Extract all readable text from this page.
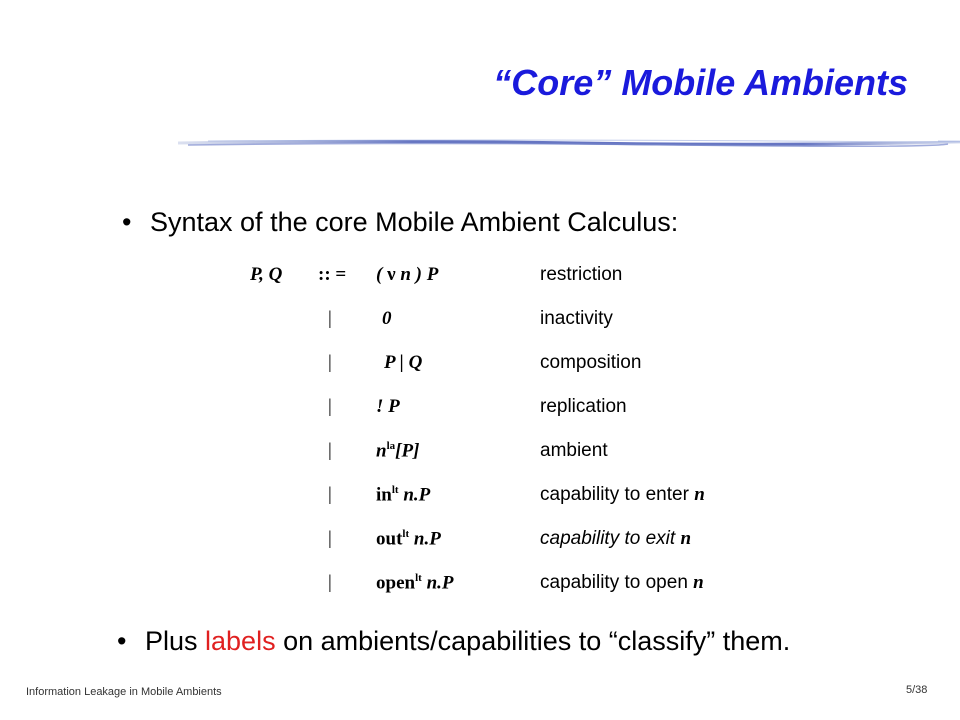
“Core” Mobile Ambients
• Syntax of the core Mobile Ambient Calculus:
P, Q :: = ( ν n ) P	restriction
|	0	inactivity
|	P | Q	composition
| ! P	replication
| $n^{la}[P]$	ambient
| $in^{lt}$ n.P	capability to enter n
| out$^{lt}$ n.P	capability to exit n
| open$^{lt}$ n.P	capability to open n
• Plus labels on ambients/capabilities to “classify” them.
Information Leakage in Mobile Ambients	5/38
